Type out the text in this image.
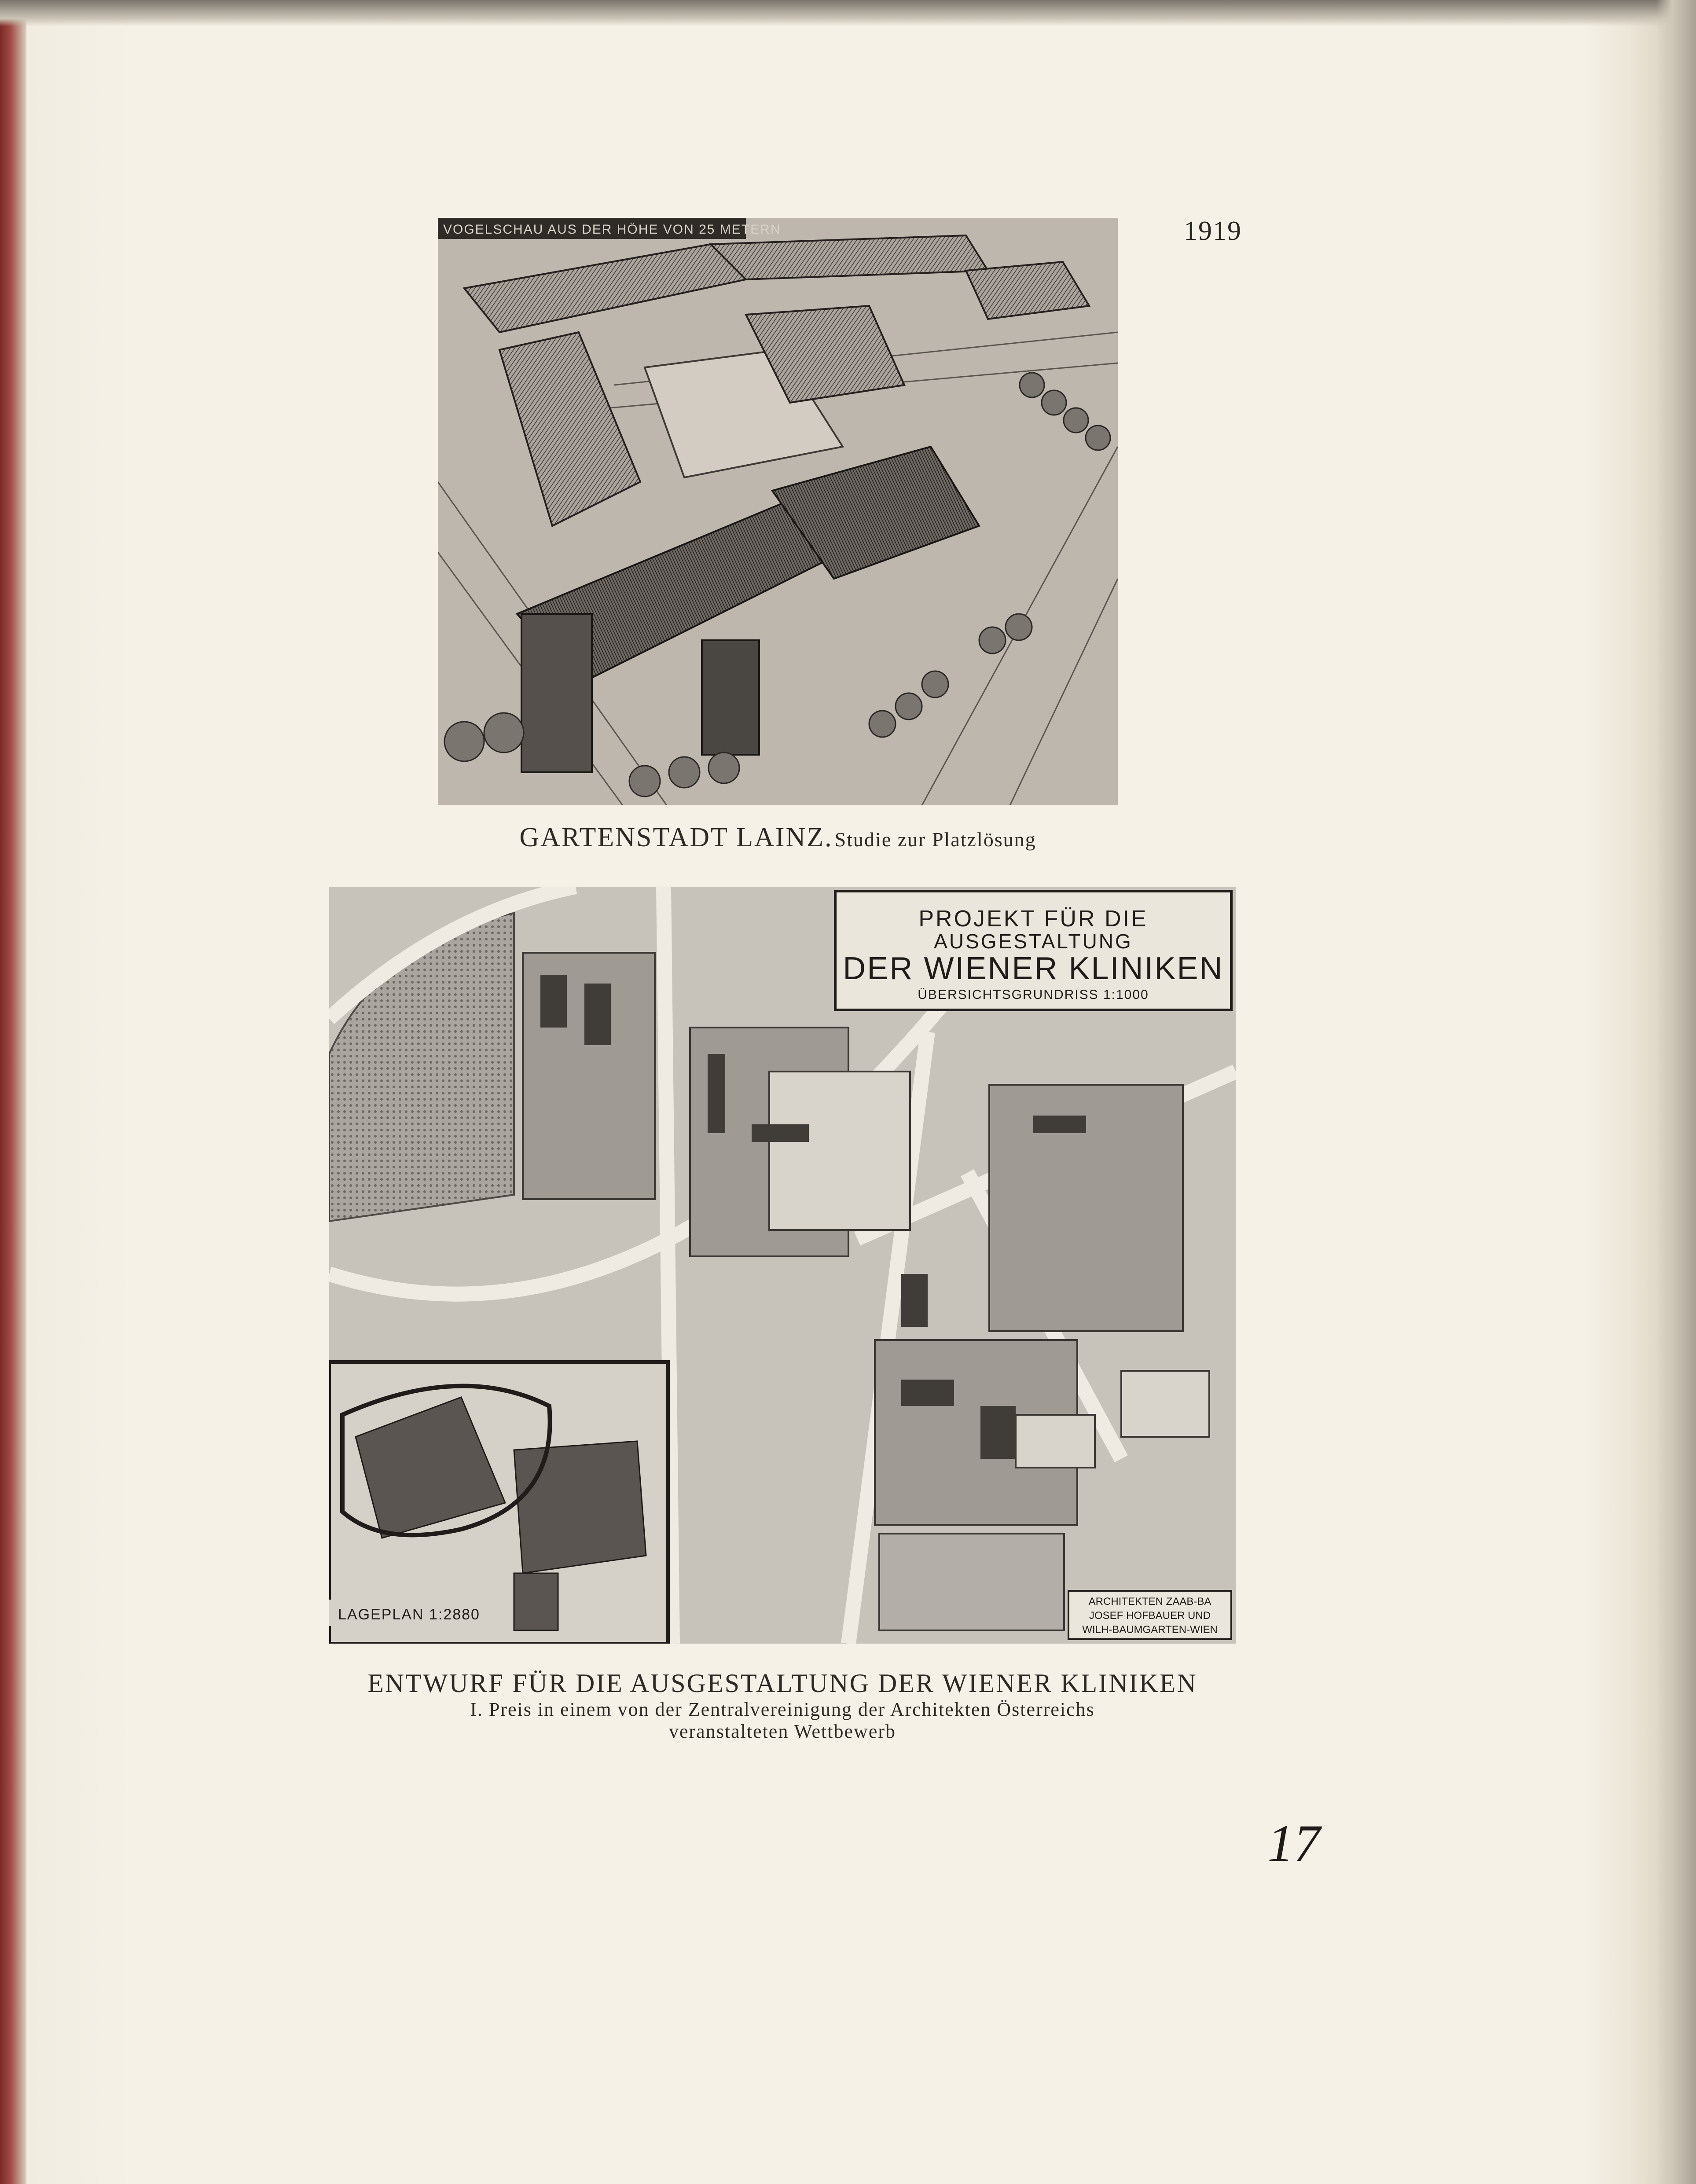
1919
VOGELSCHAU AUS DER HÖHE VON 25 METERN
GARTENSTADT LAINZ. Studie zur Platzlösung
LAGEPLAN 1:2880
PROJEKT FÜR DIE
AUSGESTALTUNG
DER WIENER KLINIKEN
ÜBERSICHTSGRUNDRISS 1:1000
ARCHITEKTEN ZAAB-BA
JOSEF HOFBAUER UND
WILH-BAUMGARTEN-WIEN
ENTWURF FÜR DIE AUSGESTALTUNG DER WIENER KLINIKEN
I. Preis in einem von der Zentralvereinigung der Architekten Österreichs
veranstalteten Wettbewerb
17
